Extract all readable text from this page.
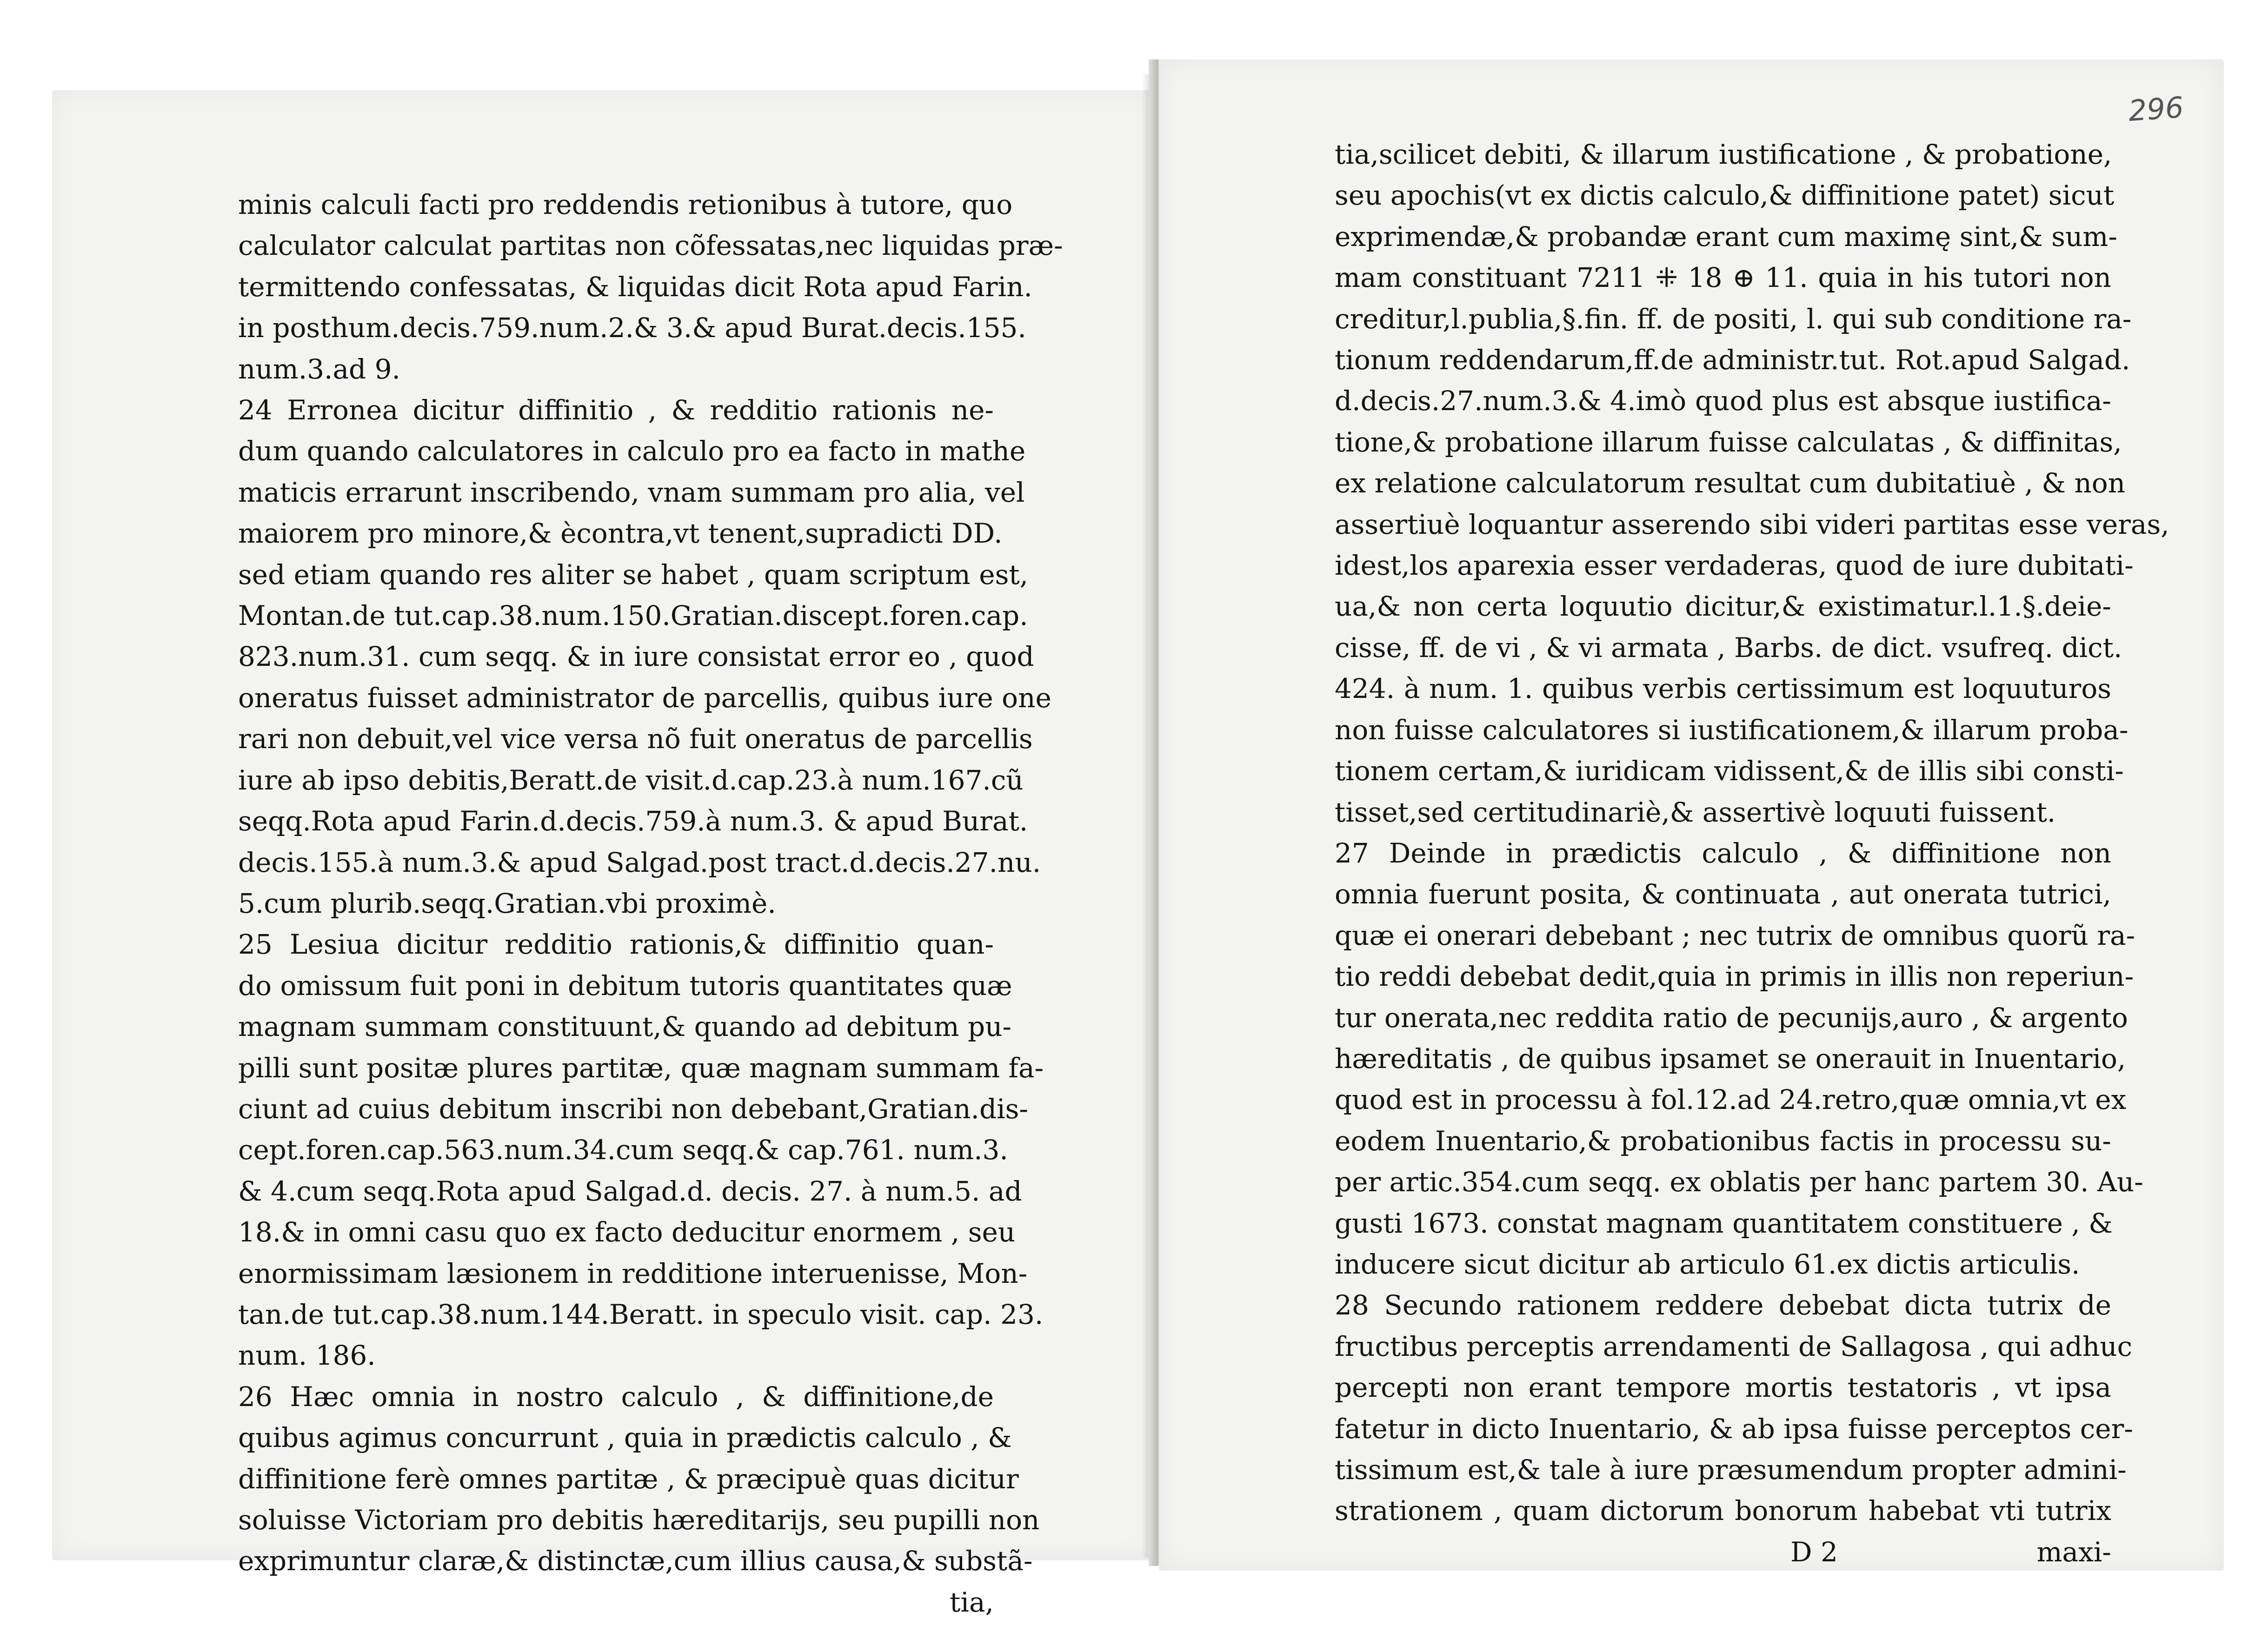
296
minis calculi facti pro reddendis retionibus à tutore, quo
calculator calculat partitas non cõfessatas,nec liquidas præ-
termittendo confessatas, & liquidas dicit Rota apud Farin.
in posthum.decis.759.num.2.& 3.& apud Burat.decis.155.
num.3.ad 9.
24 Erronea dicitur diffinitio , & redditio rationis ne-
dum quando calculatores in calculo pro ea facto in mathe
maticis errarunt inscribendo, vnam summam pro alia, vel
maiorem pro minore,& ècontra,vt tenent,supradicti DD.
sed etiam quando res aliter se habet , quam scriptum est,
Montan.de tut.cap.38.num.150.Gratian.discept.foren.cap.
823.num.31. cum seqq. & in iure consistat error eo , quod
oneratus fuisset administrator de parcellis, quibus iure one
rari non debuit,vel vice versa nõ fuit oneratus de parcellis
iure ab ipso debitis,Beratt.de visit.d.cap.23.à num.167.cũ
seqq.Rota apud Farin.d.decis.759.à num.3. & apud Burat.
decis.155.à num.3.& apud Salgad.post tract.d.decis.27.nu.
5.cum plurib.seqq.Gratian.vbi proximè.
25 Lesiua dicitur redditio rationis,& diffinitio quan-
do omissum fuit poni in debitum tutoris quantitates quæ
magnam summam constituunt,& quando ad debitum pu-
pilli sunt positæ plures partitæ, quæ magnam summam fa-
ciunt ad cuius debitum inscribi non debebant,Gratian.dis-
cept.foren.cap.563.num.34.cum seqq.& cap.761. num.3.
& 4.cum seqq.Rota apud Salgad.d. decis. 27. à num.5. ad
18.& in omni casu quo ex facto deducitur enormem , seu
enormissimam læsionem in redditione interuenisse, Mon-
tan.de tut.cap.38.num.144.Beratt. in speculo visit. cap. 23.
num. 186.
26 Hæc omnia in nostro calculo , & diffinitione,de
quibus agimus concurrunt , quia in prædictis calculo , &
diffinitione ferè omnes partitæ , & præcipuè quas dicitur
soluisse Victoriam pro debitis hæreditarijs, seu pupilli non
exprimuntur claræ,& distinctæ,cum illius causa,& substã-
tia,
tia,scilicet debiti, & illarum iustificatione , & probatione,
seu apochis(vt ex dictis calculo,& diffinitione patet) sicut
exprimendæ,& probandæ erant cum maximę sint,& sum-
mam constituant 7211 ⁜ 18 ⊕ 11. quia in his tutori non
creditur,l.publia,§.fin. ff. de positi, l. qui sub conditione ra-
tionum reddendarum,ff.de administr.tut. Rot.apud Salgad.
d.decis.27.num.3.& 4.imò quod plus est absque iustifica-
tione,& probatione illarum fuisse calculatas , & diffinitas,
ex relatione calculatorum resultat cum dubitatiuè , & non
assertiuè loquantur asserendo sibi videri partitas esse veras,
idest,los aparexia esser verdaderas, quod de iure dubitati-
ua,& non certa loquutio dicitur,& existimatur.l.1.§.deie-
cisse, ff. de vi , & vi armata , Barbs. de dict. vsufreq. dict.
424. à num. 1. quibus verbis certissimum est loquuturos
non fuisse calculatores si iustificationem,& illarum proba-
tionem certam,& iuridicam vidissent,& de illis sibi consti-
tisset,sed certitudinariè,& assertivè loquuti fuissent.
27 Deinde in prædictis calculo , & diffinitione non
omnia fuerunt posita, & continuata , aut onerata tutrici,
quæ ei onerari debebant ; nec tutrix de omnibus quorũ ra-
tio reddi debebat dedit,quia in primis in illis non reperiun-
tur onerata,nec reddita ratio de pecunijs,auro , & argento
hæreditatis , de quibus ipsamet se onerauit in Inuentario,
quod est in processu à fol.12.ad 24.retro,quæ omnia,vt ex
eodem Inuentario,& probationibus factis in processu su-
per artic.354.cum seqq. ex oblatis per hanc partem 30. Au-
gusti 1673. constat magnam quantitatem constituere , &
inducere sicut dicitur ab articulo 61.ex dictis articulis.
28 Secundo rationem reddere debebat dicta tutrix de
fructibus perceptis arrendamenti de Sallagosa , qui adhuc
percepti non erant tempore mortis testatoris , vt ipsa
fatetur in dicto Inuentario, & ab ipsa fuisse perceptos cer-
tissimum est,& tale à iure præsumendum propter admini-
strationem , quam dictorum bonorum habebat vti tutrix
D 2	maxi-
